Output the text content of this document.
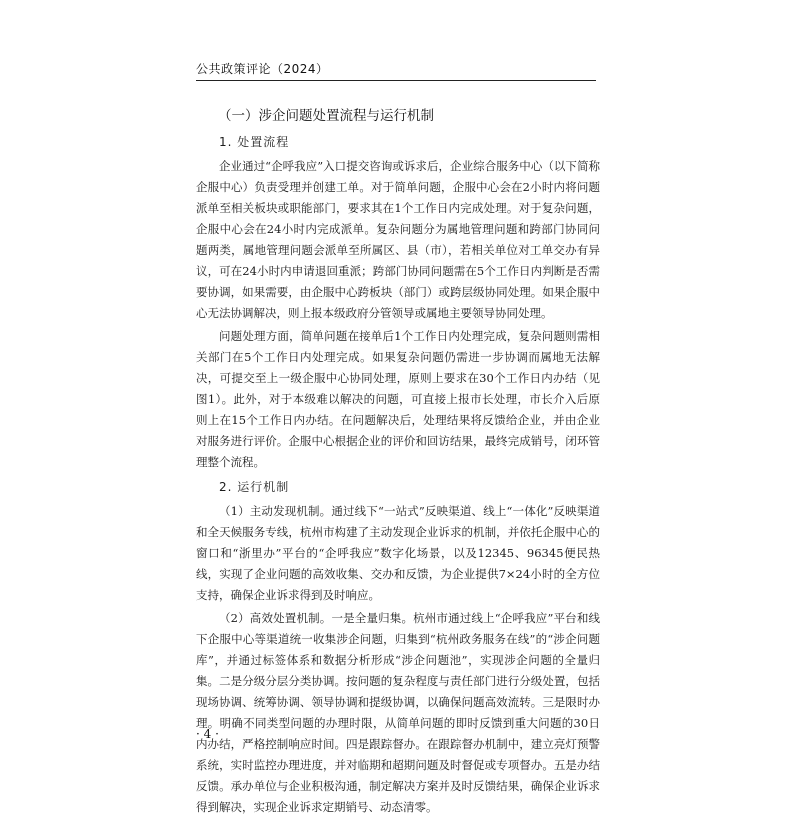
公共政策评论（2024）
（一）涉企问题处置流程与运行机制
1. 处置流程

企业通过“企呼我应”入口提交咨询或诉求后，企业综合服务中心（以下简称企服中心）负责受理并创建工单。对于简单问题，企服中心会在2小时内将问题派单至相关板块或职能部门，要求其在1个工作日内完成处理。对于复杂问题，企服中心会在24小时内完成派单。复杂问题分为属地管理问题和跨部门协同问题两类，属地管理问题会派单至所属区、县（市），若相关单位对工单交办有异议，可在24小时内申请退回重派；跨部门协同问题需在5个工作日内判断是否需要协调，如果需要，由企服中心跨板块（部门）或跨层级协同处理。如果企服中心无法协调解决，则上报本级政府分管领导或属地主要领导协同处理。

问题处理方面，简单问题在接单后1个工作日内处理完成，复杂问题则需相关部门在5个工作日内处理完成。如果复杂问题仍需进一步协调而属地无法解决，可提交至上一级企服中心协同处理，原则上要求在30个工作日内办结（见图1）。此外，对于本级难以解决的问题，可直接上报市长处理，市长介入后原则上在15个工作日内办结。在问题解决后，处理结果将反馈给企业，并由企业对服务进行评价。企服中心根据企业的评价和回访结果，最终完成销号，闭环管理整个流程。

2. 运行机制

（1）主动发现机制。通过线下“一站式”反映渠道、线上“一体化”反映渠道和全天候服务专线，杭州市构建了主动发现企业诉求的机制，并依托企服中心的窗口和“浙里办”平台的“企呼我应”数字化场景，以及12345、96345便民热线，实现了企业问题的高效收集、交办和反馈，为企业提供7×24小时的全方位支持，确保企业诉求得到及时响应。

（2）高效处置机制。一是全量归集。杭州市通过线上“企呼我应”平台和线下企服中心等渠道统一收集涉企问题，归集到“杭州政务服务在线”的“涉企问题库”，并通过标签体系和数据分析形成“涉企问题池”，实现涉企问题的全量归集。二是分级分层分类协调。按问题的复杂程度与责任部门进行分级处置，包括现场协调、统筹协调、领导协调和提级协调，以确保问题高效流转。三是限时办理。明确不同类型问题的办理时限，从简单问题的即时反馈到重大问题的30日内办结，严格控制响应时间。四是跟踪督办。在跟踪督办机制中，建立亮灯预警系统，实时监控办理进度，并对临期和超期问题及时督促或专项督办。五是办结反馈。承办单位与企业积极沟通，制定解决方案并及时反馈结果，确保企业诉求得到解决，实现企业诉求定期销号、动态清零。

· 4 ·
